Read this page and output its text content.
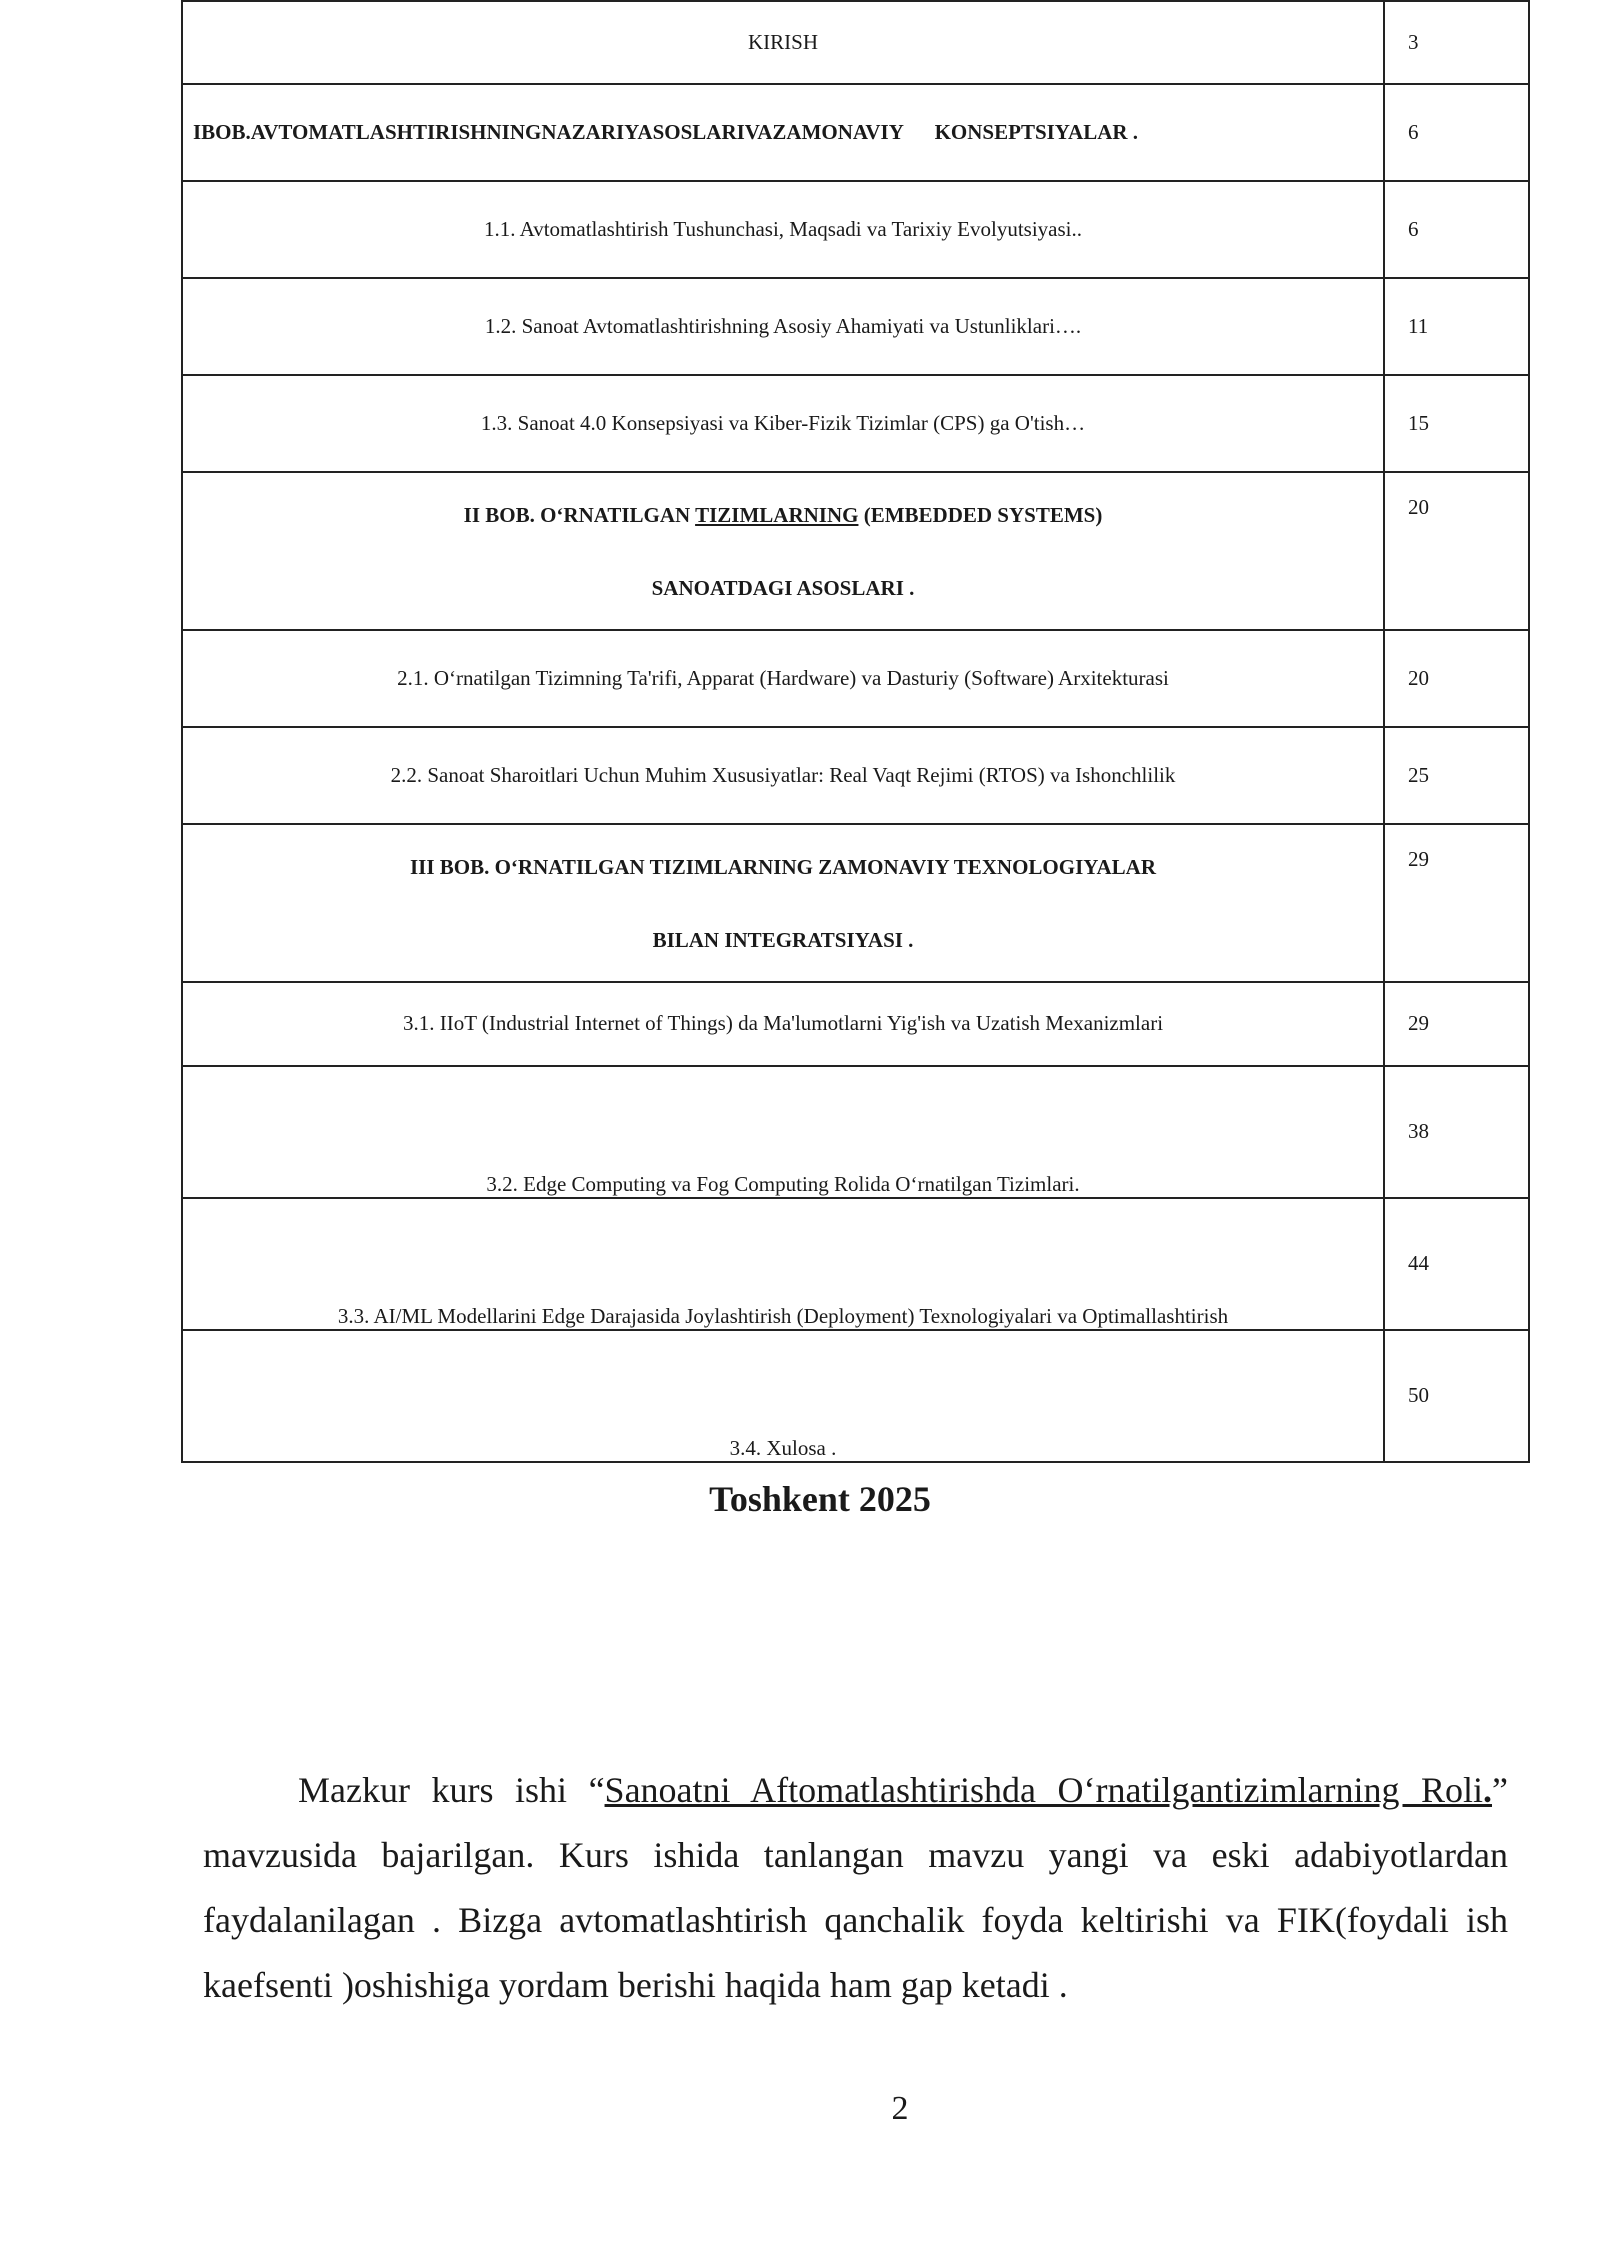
KIRISH	3
IBOB.AVTOMATLASHTIRISHNINGNAZARIYASOSLARIVAZAMONAVIY      KONSEPTSIYALAR .	6
1.1. Avtomatlashtirish Tushunchasi, Maqsadi va Tarixiy Evolyutsiyasi..	6
1.2. Sanoat Avtomatlashtirishning Asosiy Ahamiyati va Ustunliklari….	11
1.3. Sanoat 4.0 Konsepsiyasi va Kiber-Fizik Tizimlar (CPS) ga O'tish…	15
II BOB. O‘RNATILGAN TIZIMLARNING (EMBEDDED SYSTEMS)
SANOATDAGI ASOSLARI .	20
2.1. O‘rnatilgan Tizimning Ta'rifi, Apparat (Hardware) va Dasturiy (Software) Arxitekturasi	20
2.2. Sanoat Sharoitlari Uchun Muhim Xususiyatlar: Real Vaqt Rejimi (RTOS) va Ishonchlilik	25
III BOB. O‘RNATILGAN TIZIMLARNING ZAMONAVIY TEXNOLOGIYALAR
BILAN INTEGRATSIYASI .	29
3.1. IIoT (Industrial Internet of Things) da Ma'lumotlarni Yig'ish va Uzatish Mexanizmlari	29
3.2. Edge Computing va Fog Computing Rolida O‘rnatilgan Tizimlari.	38
3.3. AI/ML Modellarini Edge Darajasida Joylashtirish (Deployment) Texnologiyalari va Optimallashtirish	44
3.4. Xulosa .	50
Toshkent 2025

Mazkur kurs ishi “Sanoatni Aftomatlashtirishda O‘rnatilgantizimlarning Roli.” mavzusida bajarilgan. Kurs ishida tanlangan mavzu yangi va eski adabiyotlardan faydalanilagan . Bizga avtomatlashtirish qanchalik foyda keltirishi va FIK(foydali ish kaefsenti )oshishiga yordam berishi haqida ham gap ketadi .

2
